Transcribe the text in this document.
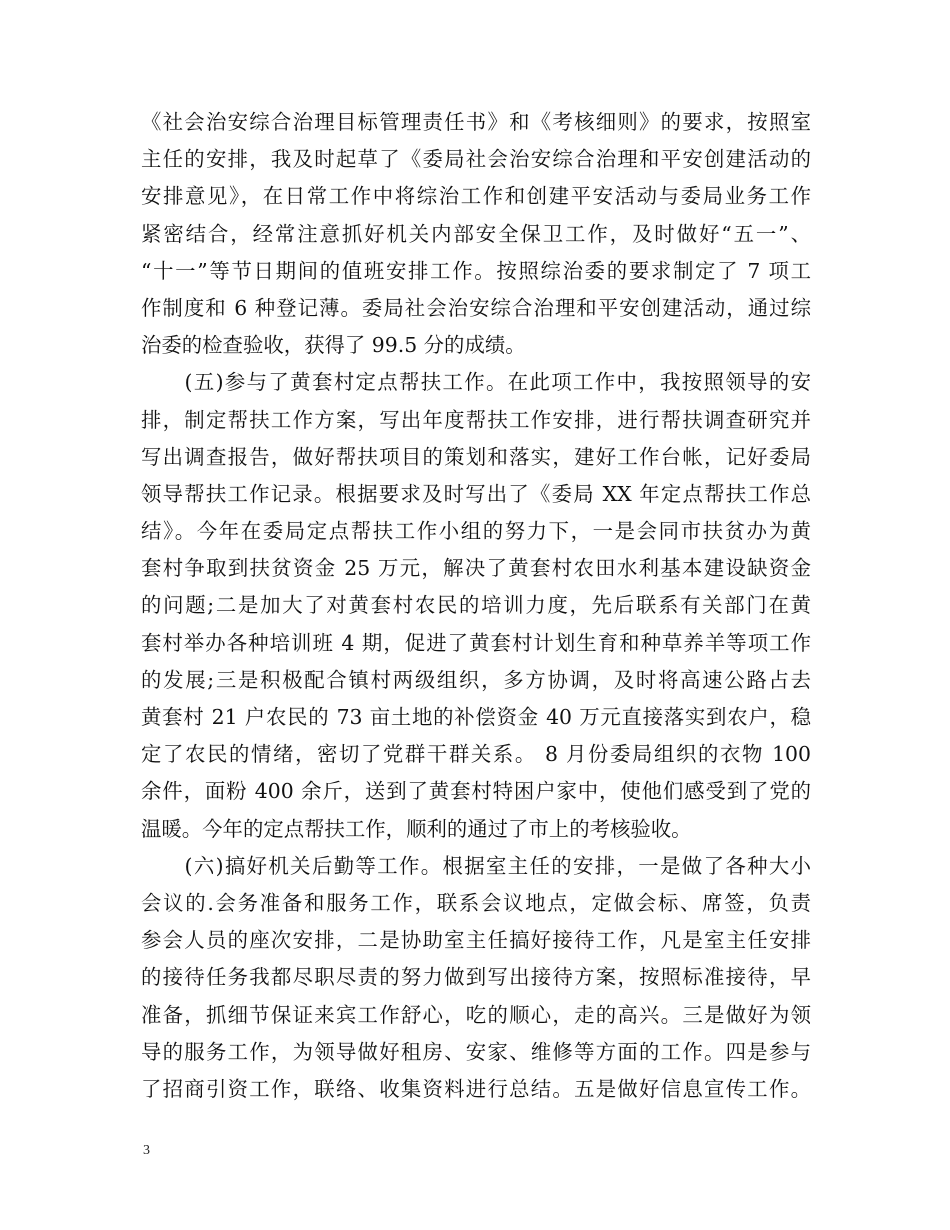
《社会治安综合治理目标管理责任书》和《考核细则》的要求，按照室
主任的安排，我及时起草了《委局社会治安综合治理和平安创建活动的
安排意见》，在日常工作中将综治工作和创建平安活动与委局业务工作
紧密结合，经常注意抓好机关内部安全保卫工作，及时做好“五一”、
“十一”等节日期间的值班安排工作。按照综治委的要求制定了 7 项工
作制度和 6 种登记薄。委局社会治安综合治理和平安创建活动，通过综
治委的检查验收，获得了 99.5 分的成绩。
　　(五)参与了黄套村定点帮扶工作。在此项工作中，我按照领导的安
排，制定帮扶工作方案，写出年度帮扶工作安排，进行帮扶调查研究并
写出调查报告，做好帮扶项目的策划和落实，建好工作台帐，记好委局
领导帮扶工作记录。根据要求及时写出了《委局 XX 年定点帮扶工作总
结》。今年在委局定点帮扶工作小组的努力下，一是会同市扶贫办为黄
套村争取到扶贫资金 25 万元，解决了黄套村农田水利基本建设缺资金
的问题;二是加大了对黄套村农民的培训力度，先后联系有关部门在黄
套村举办各种培训班 4 期，促进了黄套村计划生育和种草养羊等项工作
的发展;三是积极配合镇村两级组织，多方协调，及时将高速公路占去
黄套村 21 户农民的 73 亩土地的补偿资金 40 万元直接落实到农户，稳
定了农民的情绪，密切了党群干群关系。 8 月份委局组织的衣物 100
余件，面粉 400 余斤，送到了黄套村特困户家中，使他们感受到了党的
温暖。今年的定点帮扶工作，顺利的通过了市上的考核验收。
　　(六)搞好机关后勤等工作。根据室主任的安排，一是做了各种大小
会议的.会务准备和服务工作，联系会议地点，定做会标、席签，负责
参会人员的座次安排，二是协助室主任搞好接待工作，凡是室主任安排
的接待任务我都尽职尽责的努力做到写出接待方案，按照标准接待，早
准备，抓细节保证来宾工作舒心，吃的顺心，走的高兴。三是做好为领
导的服务工作，为领导做好租房、安家、维修等方面的工作。四是参与
了招商引资工作，联络、收集资料进行总结。五是做好信息宣传工作。
3
